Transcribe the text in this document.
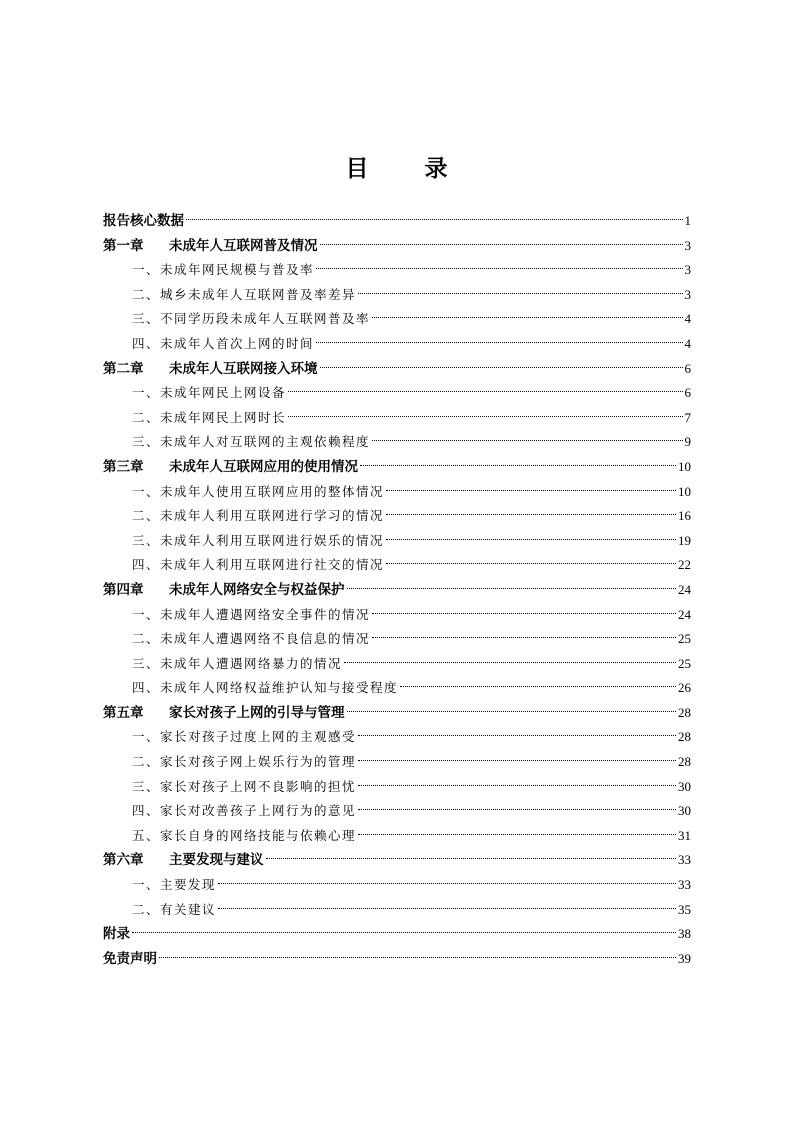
目 录
报告核心数据	1
第一章 未成年人互联网普及情况	3
一、未成年网民规模与普及率	3
二、城乡未成年人互联网普及率差异	3
三、不同学历段未成年人互联网普及率	4
四、未成年人首次上网的时间	4
第二章 未成年人互联网接入环境	6
一、未成年网民上网设备	6
二、未成年网民上网时长	7
三、未成年人对互联网的主观依赖程度	9
第三章 未成年人互联网应用的使用情况	10
一、未成年人使用互联网应用的整体情况	10
二、未成年人利用互联网进行学习的情况	16
三、未成年人利用互联网进行娱乐的情况	19
四、未成年人利用互联网进行社交的情况	22
第四章 未成年人网络安全与权益保护	24
一、未成年人遭遇网络安全事件的情况	24
二、未成年人遭遇网络不良信息的情况	25
三、未成年人遭遇网络暴力的情况	25
四、未成年人网络权益维护认知与接受程度	26
第五章 家长对孩子上网的引导与管理	28
一、家长对孩子过度上网的主观感受	28
二、家长对孩子网上娱乐行为的管理	28
三、家长对孩子上网不良影响的担忧	30
四、家长对改善孩子上网行为的意见	30
五、家长自身的网络技能与依赖心理	31
第六章 主要发现与建议	33
一、主要发现	33
二、有关建议	35
附录	38
免责声明	39
